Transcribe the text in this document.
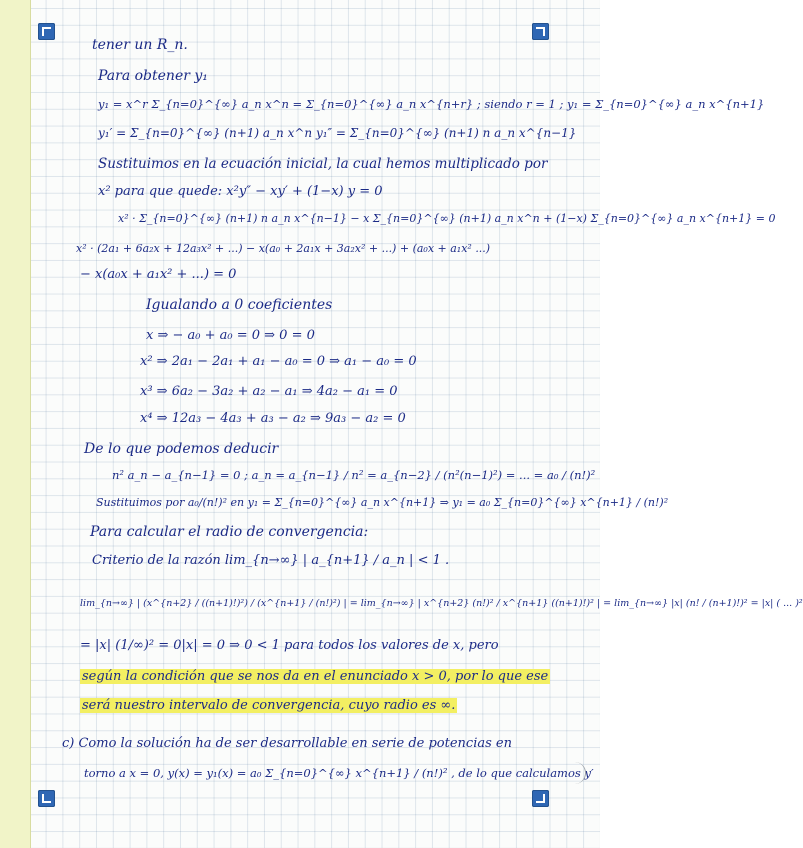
tener un R_n.
Para obtener y₁
y₁ = x^r Σ_{n=0}^{∞} a_n x^n = Σ_{n=0}^{∞} a_n x^{n+r} ; siendo r = 1 ; y₁ = Σ_{n=0}^{∞} a_n x^{n+1}
y₁′ = Σ_{n=0}^{∞} (n+1) a_n x^n y₁″ = Σ_{n=0}^{∞} (n+1) n a_n x^{n−1}
Sustituimos en la ecuación inicial, la cual hemos multiplicado por
x² para que quede: x²y″ − xy′ + (1−x) y = 0
x² · Σ_{n=0}^{∞} (n+1) n a_n x^{n−1} − x Σ_{n=0}^{∞} (n+1) a_n x^n + (1−x) Σ_{n=0}^{∞} a_n x^{n+1} = 0
x² · (2a₁ + 6a₂x + 12a₃x² + ...) − x(a₀ + 2a₁x + 3a₂x² + ...) + (a₀x + a₁x² ...)
− x(a₀x + a₁x² + ...) = 0
Igualando a 0 coeficientes
x ⇒ − a₀ + a₀ = 0 ⇒ 0 = 0
x² ⇒ 2a₁ − 2a₁ + a₁ − a₀ = 0 ⇒ a₁ − a₀ = 0
x³ ⇒ 6a₂ − 3a₂ + a₂ − a₁ ⇒ 4a₂ − a₁ = 0
x⁴ ⇒ 12a₃ − 4a₃ + a₃ − a₂ ⇒ 9a₃ − a₂ = 0
De lo que podemos deducir
n² a_n − a_{n−1} = 0 ; a_n = a_{n−1} / n² = a_{n−2} / (n²(n−1)²) = ... = a₀ / (n!)²
Sustituimos por a₀/(n!)² en y₁ = Σ_{n=0}^{∞} a_n x^{n+1} ⇒ y₁ = a₀ Σ_{n=0}^{∞} x^{n+1} / (n!)²
Para calcular el radio de convergencia:
Criterio de la razón lim_{n→∞} | a_{n+1} / a_n | < 1 .
lim_{n→∞} | (x^{n+2} / ((n+1)!)²) / (x^{n+1} / (n!)²) | = lim_{n→∞} | x^{n+2} (n!)² / x^{n+1} ((n+1)!)² | = lim_{n→∞} |x| (n! / (n+1)!)² = |x| ( ... )²
= |x| (1/∞)² = 0|x| = 0 ⇒ 0 < 1 para todos los valores de x, pero
según la condición que se nos da en el enunciado x > 0, por lo que ese
será nuestro intervalo de convergencia, cuyo radio es ∞.
c) Como la solución ha de ser desarrollable en serie de potencias en
torno a x = 0, y(x) = y₁(x) = a₀ Σ_{n=0}^{∞} x^{n+1} / (n!)² , de lo que calculamos y′
